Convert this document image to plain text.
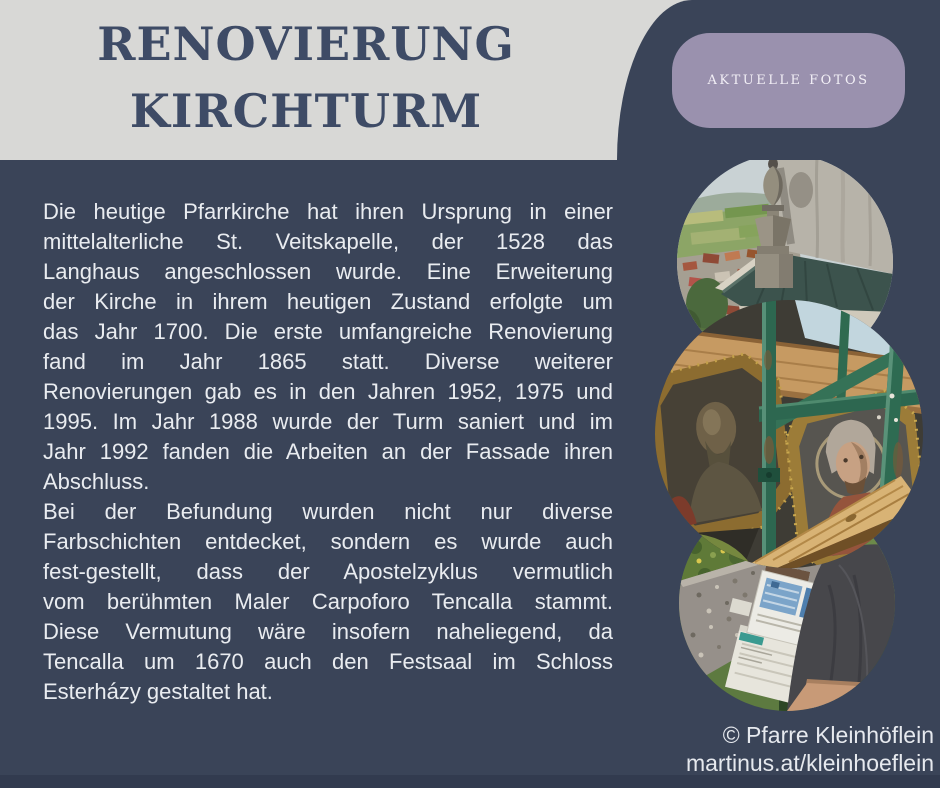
RENOVIERUNG
KIRCHTURM
AKTUELLE FOTOS
Die heutige Pfarrkirche hat ihren Ursprung in einer
mittelalterliche St. Veitskapelle, der 1528 das
Langhaus angeschlossen wurde. Eine Erweiterung
der Kirche in ihrem heutigen Zustand erfolgte um
das Jahr 1700. Die erste umfangreiche Renovierung
fand im Jahr 1865 statt. Diverse weiterer
Renovierungen gab es in den Jahren 1952, 1975 und
1995. Im Jahr 1988 wurde der Turm saniert und im
Jahr 1992 fanden die Arbeiten an der Fassade ihren
Abschluss.
Bei der Befundung wurden nicht nur diverse
Farbschichten entdecket, sondern es wurde auch
fest-gestellt, dass der Apostelzyklus vermutlich
vom berühmten Maler Carpoforo Tencalla stammt.
Diese Vermutung wäre insofern naheliegend, da
Tencalla um 1670 auch den Festsaal im Schloss
Esterházy gestaltet hat.
© Pfarre Kleinhöflein
martinus.at/kleinhoeflein
